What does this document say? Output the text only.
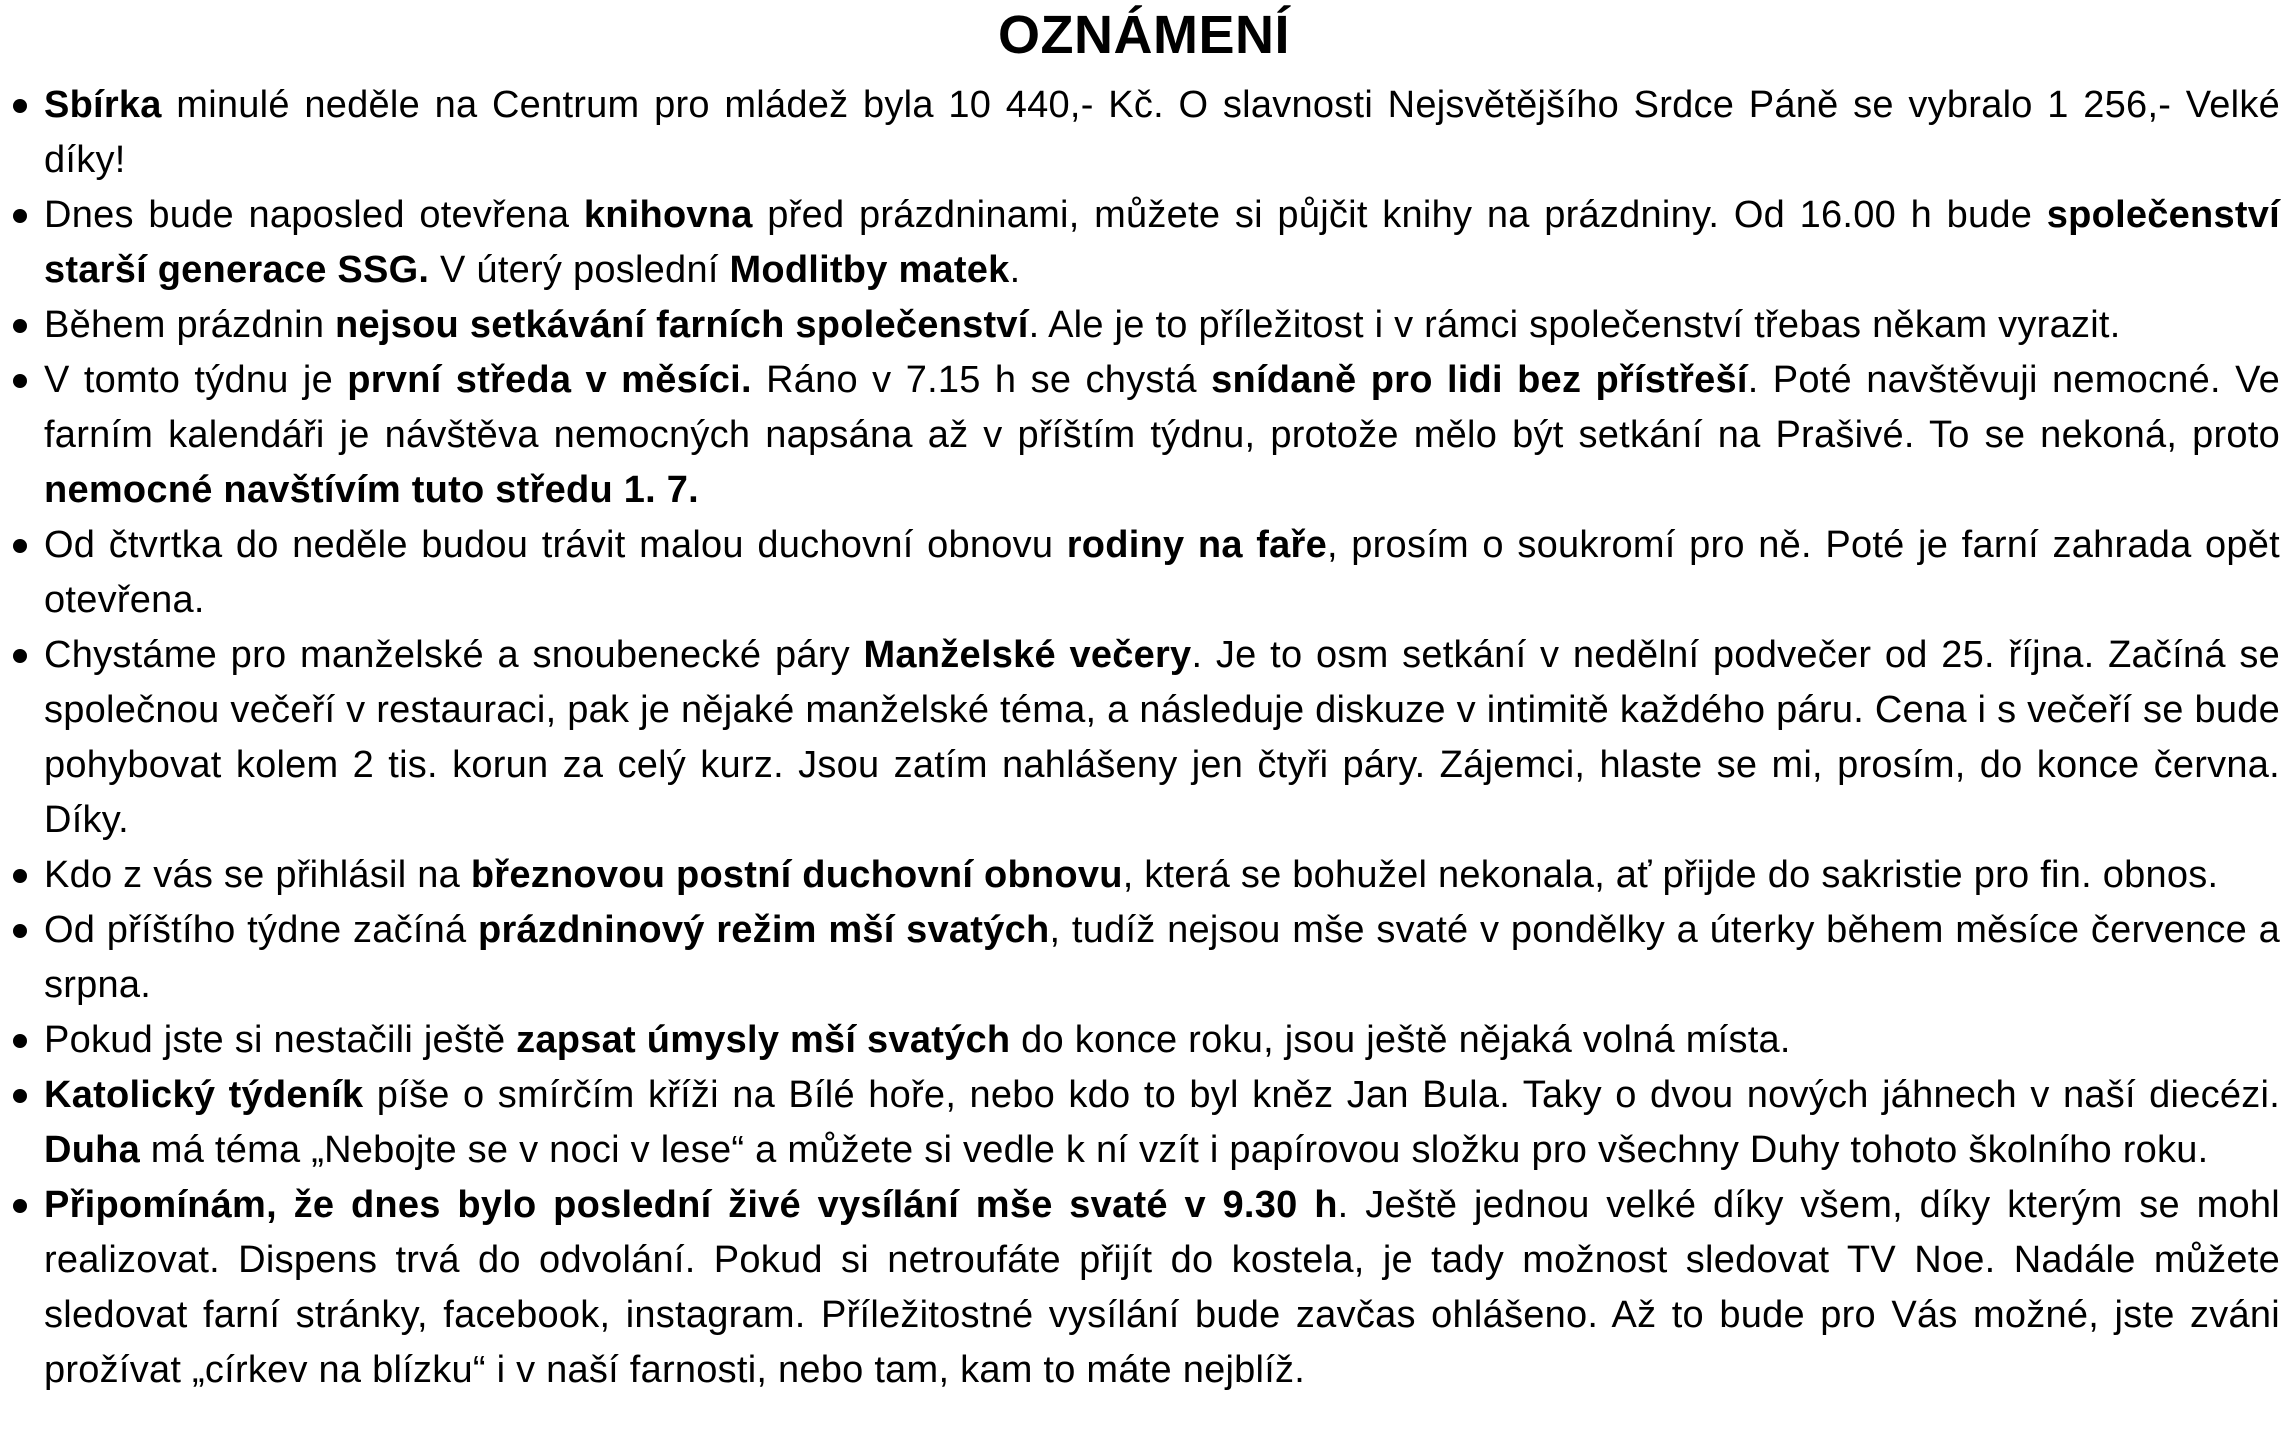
OZNÁMENÍ
Sbírka minulé neděle na Centrum pro mládež byla 10 440,- Kč. O slavnosti Nejsvětějšího Srdce Páně se vybralo 1 256,- Velké díky!
Dnes bude naposled otevřena knihovna před prázdninami, můžete si půjčit knihy na prázdniny. Od 16.00 h bude společenství starší generace SSG. V úterý poslední Modlitby matek.
Během prázdnin nejsou setkávání farních společenství. Ale je to příležitost i v rámci společenství třebas někam vyrazit.
V tomto týdnu je první středa v měsíci. Ráno v 7.15 h se chystá snídaně pro lidi bez přístřeší. Poté navštěvuji nemocné. Ve farním kalendáři je návštěva nemocných napsána až v příštím týdnu, protože mělo být setkání na Prašivé. To se nekoná, proto nemocné navštívím tuto středu 1. 7.
Od čtvrtka do neděle budou trávit malou duchovní obnovu rodiny na faře, prosím o soukromí pro ně. Poté je farní zahrada opět otevřena.
Chystáme pro manželské a snoubenecké páry Manželské večery. Je to osm setkání v nedělní podvečer od 25. října. Začíná se společnou večeří v restauraci, pak je nějaké manželské téma, a následuje diskuze v intimitě každého páru. Cena i s večeří se bude pohybovat kolem 2 tis. korun za celý kurz. Jsou zatím nahlášeny jen čtyři páry. Zájemci, hlaste se mi, prosím, do konce června. Díky.
Kdo z vás se přihlásil na březnovou postní duchovní obnovu, která se bohužel nekonala, ať přijde do sakristie pro fin. obnos.
Od příštího týdne začíná prázdninový režim mší svatých, tudíž nejsou mše svaté v pondělky a úterky během měsíce července a srpna.
Pokud jste si nestačili ještě zapsat úmysly mší svatých do konce roku, jsou ještě nějaká volná místa.
Katolický týdeník píše o smírčím kříži na Bílé hoře, nebo kdo to byl kněz Jan Bula. Taky o dvou nových jáhnech v naší diecézi. Duha má téma „Nebojte se v noci v lese“ a můžete si vedle k ní vzít i papírovou složku pro všechny Duhy tohoto školního roku.
Připomínám, že dnes bylo poslední živé vysílání mše svaté v 9.30 h. Ještě jednou velké díky všem, díky kterým se mohl realizovat. Dispens trvá do odvolání. Pokud si netroufáte přijít do kostela, je tady možnost sledovat TV Noe. Nadále můžete sledovat farní stránky, facebook, instagram. Příležitostné vysílání bude zavčas ohlášeno. Až to bude pro Vás možné, jste zváni prožívat „církev na blízku“ i v naší farnosti, nebo tam, kam to máte nejblíž.
